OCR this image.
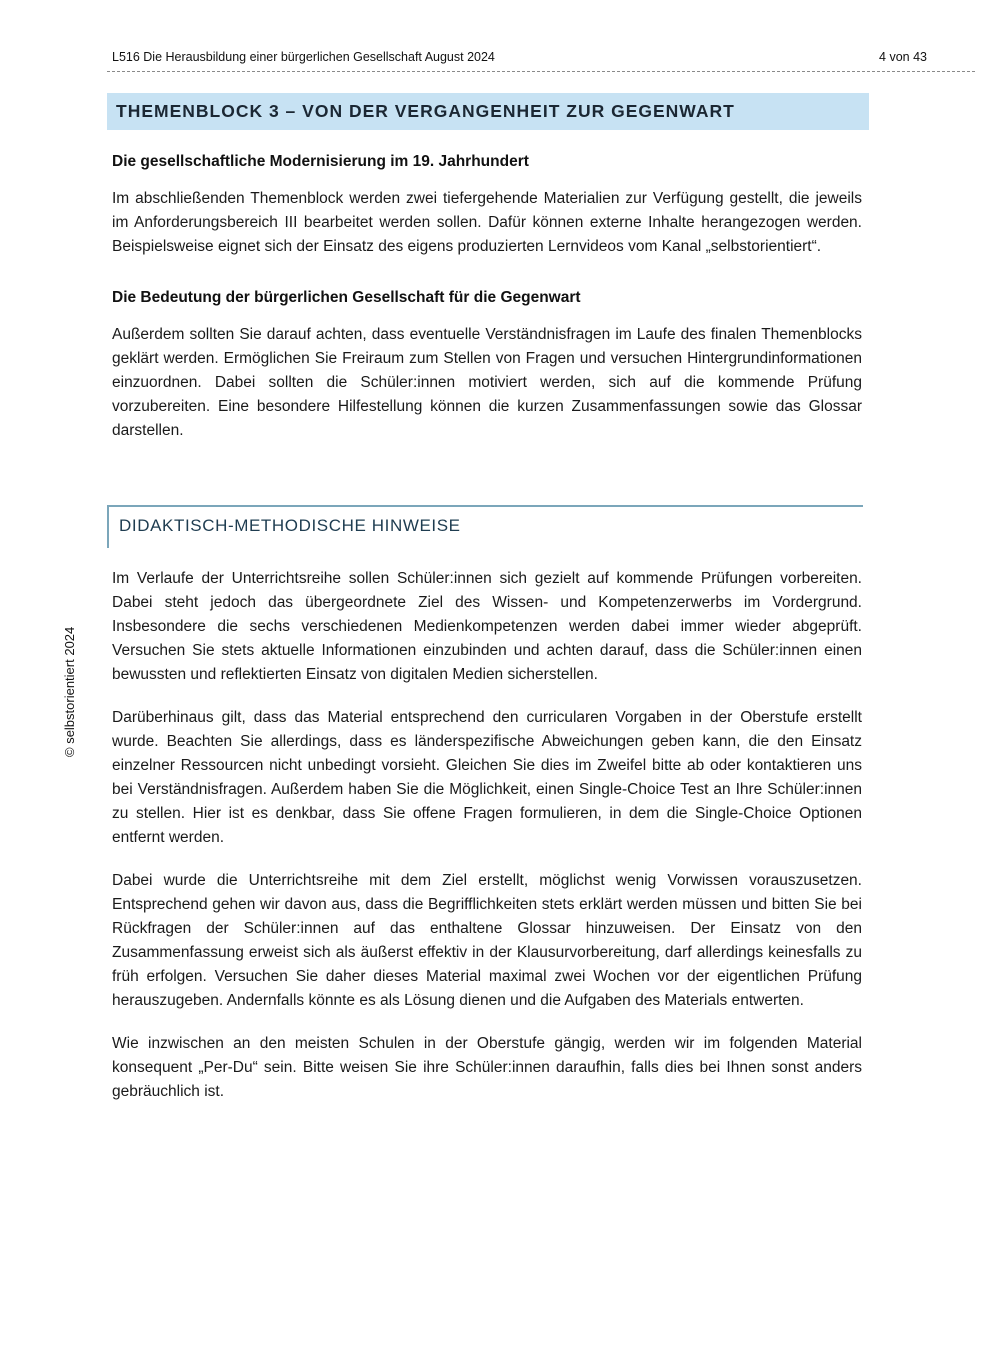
L516 Die Herausbildung einer bürgerlichen Gesellschaft August 2024	4 von 43
THEMENBLOCK 3 – VON DER VERGANGENHEIT ZUR GEGENWART
Die gesellschaftliche Modernisierung im 19. Jahrhundert

Im abschließenden Themenblock werden zwei tiefergehende Materialien zur Verfügung gestellt, die jeweils im Anforderungsbereich III bearbeitet werden sollen. Dafür können externe Inhalte herangezogen werden. Beispielsweise eignet sich der Einsatz des eigens produzierten Lernvideos vom Kanal „selbstorientiert“.

Die Bedeutung der bürgerlichen Gesellschaft für die Gegenwart

Außerdem sollten Sie darauf achten, dass eventuelle Verständnisfragen im Laufe des finalen Themenblocks geklärt werden. Ermöglichen Sie Freiraum zum Stellen von Fragen und versuchen Hintergrundinformationen einzuordnen. Dabei sollten die Schüler:innen motiviert werden, sich auf die kommende Prüfung vorzubereiten. Eine besondere Hilfestellung können die kurzen Zusammenfassungen sowie das Glossar darstellen.

DIDAKTISCH-METHODISCHE HINWEISE

Im Verlaufe der Unterrichtsreihe sollen Schüler:innen sich gezielt auf kommende Prüfungen vorbereiten. Dabei steht jedoch das übergeordnete Ziel des Wissen- und Kompetenzerwerbs im Vordergrund. Insbesondere die sechs verschiedenen Medienkompetenzen werden dabei immer wieder abgeprüft. Versuchen Sie stets aktuelle Informationen einzubinden und achten darauf, dass die Schüler:innen einen bewussten und reflektierten Einsatz von digitalen Medien sicherstellen.

Darüberhinaus gilt, dass das Material entsprechend den curricularen Vorgaben in der Oberstufe erstellt wurde. Beachten Sie allerdings, dass es länderspezifische Abweichungen geben kann, die den Einsatz einzelner Ressourcen nicht unbedingt vorsieht. Gleichen Sie dies im Zweifel bitte ab oder kontaktieren uns bei Verständnisfragen. Außerdem haben Sie die Möglichkeit, einen Single-Choice Test an Ihre Schüler:innen zu stellen. Hier ist es denkbar, dass Sie offene Fragen formulieren, in dem die Single-Choice Optionen entfernt werden.

Dabei wurde die Unterrichtsreihe mit dem Ziel erstellt, möglichst wenig Vorwissen vorauszusetzen. Entsprechend gehen wir davon aus, dass die Begrifflichkeiten stets erklärt werden müssen und bitten Sie bei Rückfragen der Schüler:innen auf das enthaltene Glossar hinzuweisen. Der Einsatz von den Zusammenfassung erweist sich als äußerst effektiv in der Klausurvorbereitung, darf allerdings keinesfalls zu früh erfolgen. Versuchen Sie daher dieses Material maximal zwei Wochen vor der eigentlichen Prüfung herauszugeben. Andernfalls könnte es als Lösung dienen und die Aufgaben des Materials entwerten.

Wie inzwischen an den meisten Schulen in der Oberstufe gängig, werden wir im folgenden Material konsequent „Per-Du“ sein. Bitte weisen Sie ihre Schüler:innen daraufhin, falls dies bei Ihnen sonst anders gebräuchlich ist.

© selbstorientiert 2024
